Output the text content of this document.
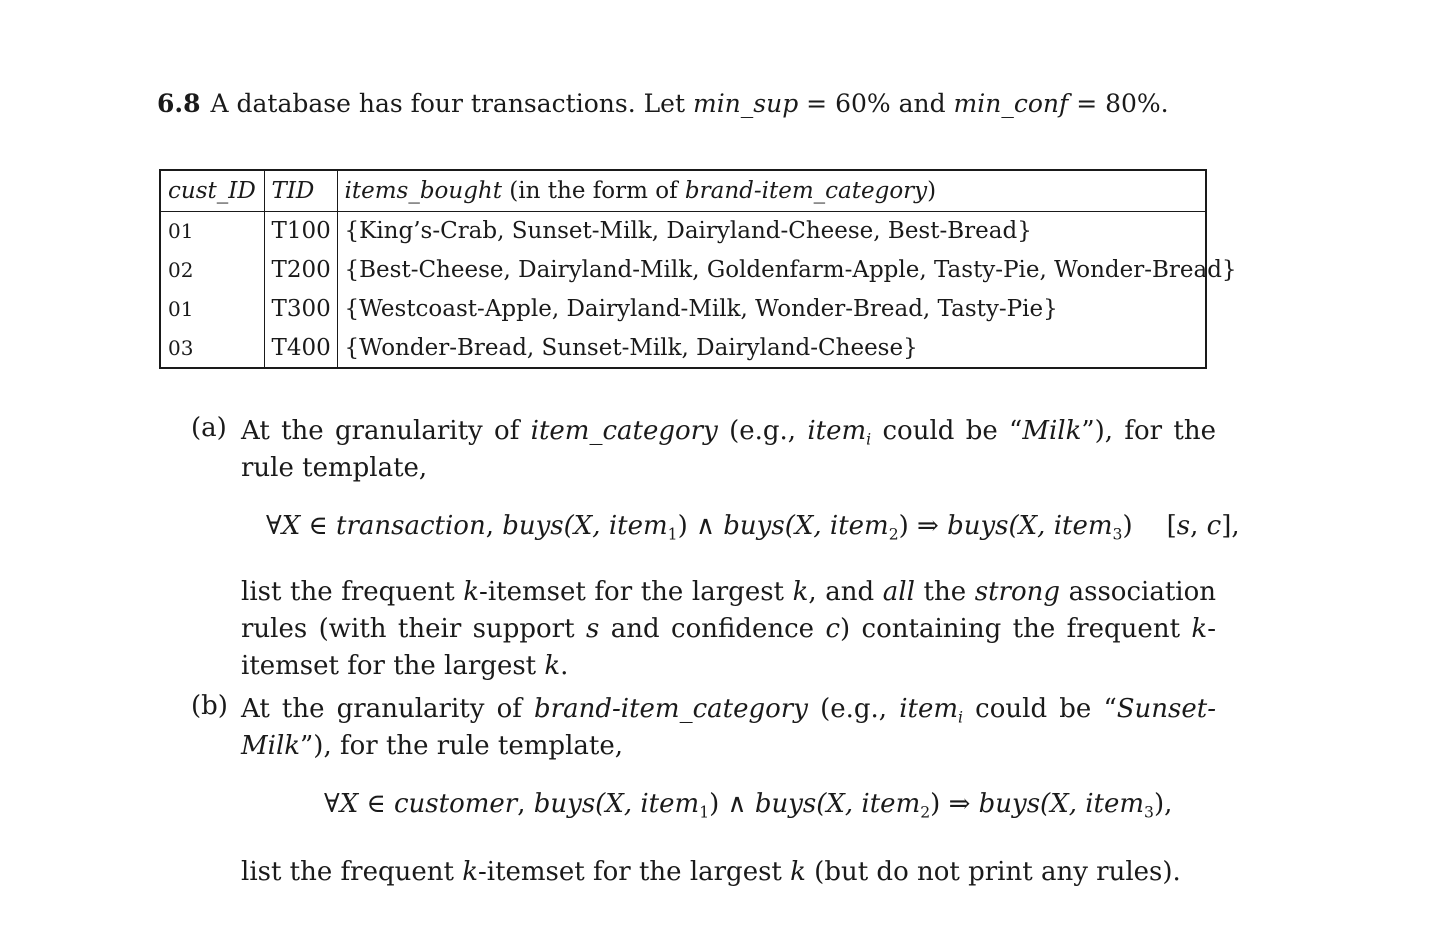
6.8 A database has four transactions. Let min_sup = 60% and min_conf = 80%.
cust_ID	TID	items_bought (in the form of brand-item_category)
01	T100	{King’s-Crab, Sunset-Milk, Dairyland-Cheese, Best-Bread}
02	T200	{Best-Cheese, Dairyland-Milk, Goldenfarm-Apple, Tasty-Pie, Wonder-Bread}
01	T300	{Westcoast-Apple, Dairyland-Milk, Wonder-Bread, Tasty-Pie}
03	T400	{Wonder-Bread, Sunset-Milk, Dairyland-Cheese}
(a) At the granularity of item_category (e.g., item$_i$ could be “Milk”), for the rule template,
∀X ∈ transaction, buys(X, item$_1$) ∧ buys(X, item$_2$) ⇒ buys(X, item$_3$) [s, c],
list the frequent k-itemset for the largest k, and all the strong association rules (with their support s and confidence c) containing the frequent k-itemset for the largest k.
(b) At the granularity of brand-item_category (e.g., item$_i$ could be “Sunset-Milk”), for the rule template,
∀X ∈ customer, buys(X, item$_1$) ∧ buys(X, item$_2$) ⇒ buys(X, item$_3$),
list the frequent k-itemset for the largest k (but do not print any rules).
